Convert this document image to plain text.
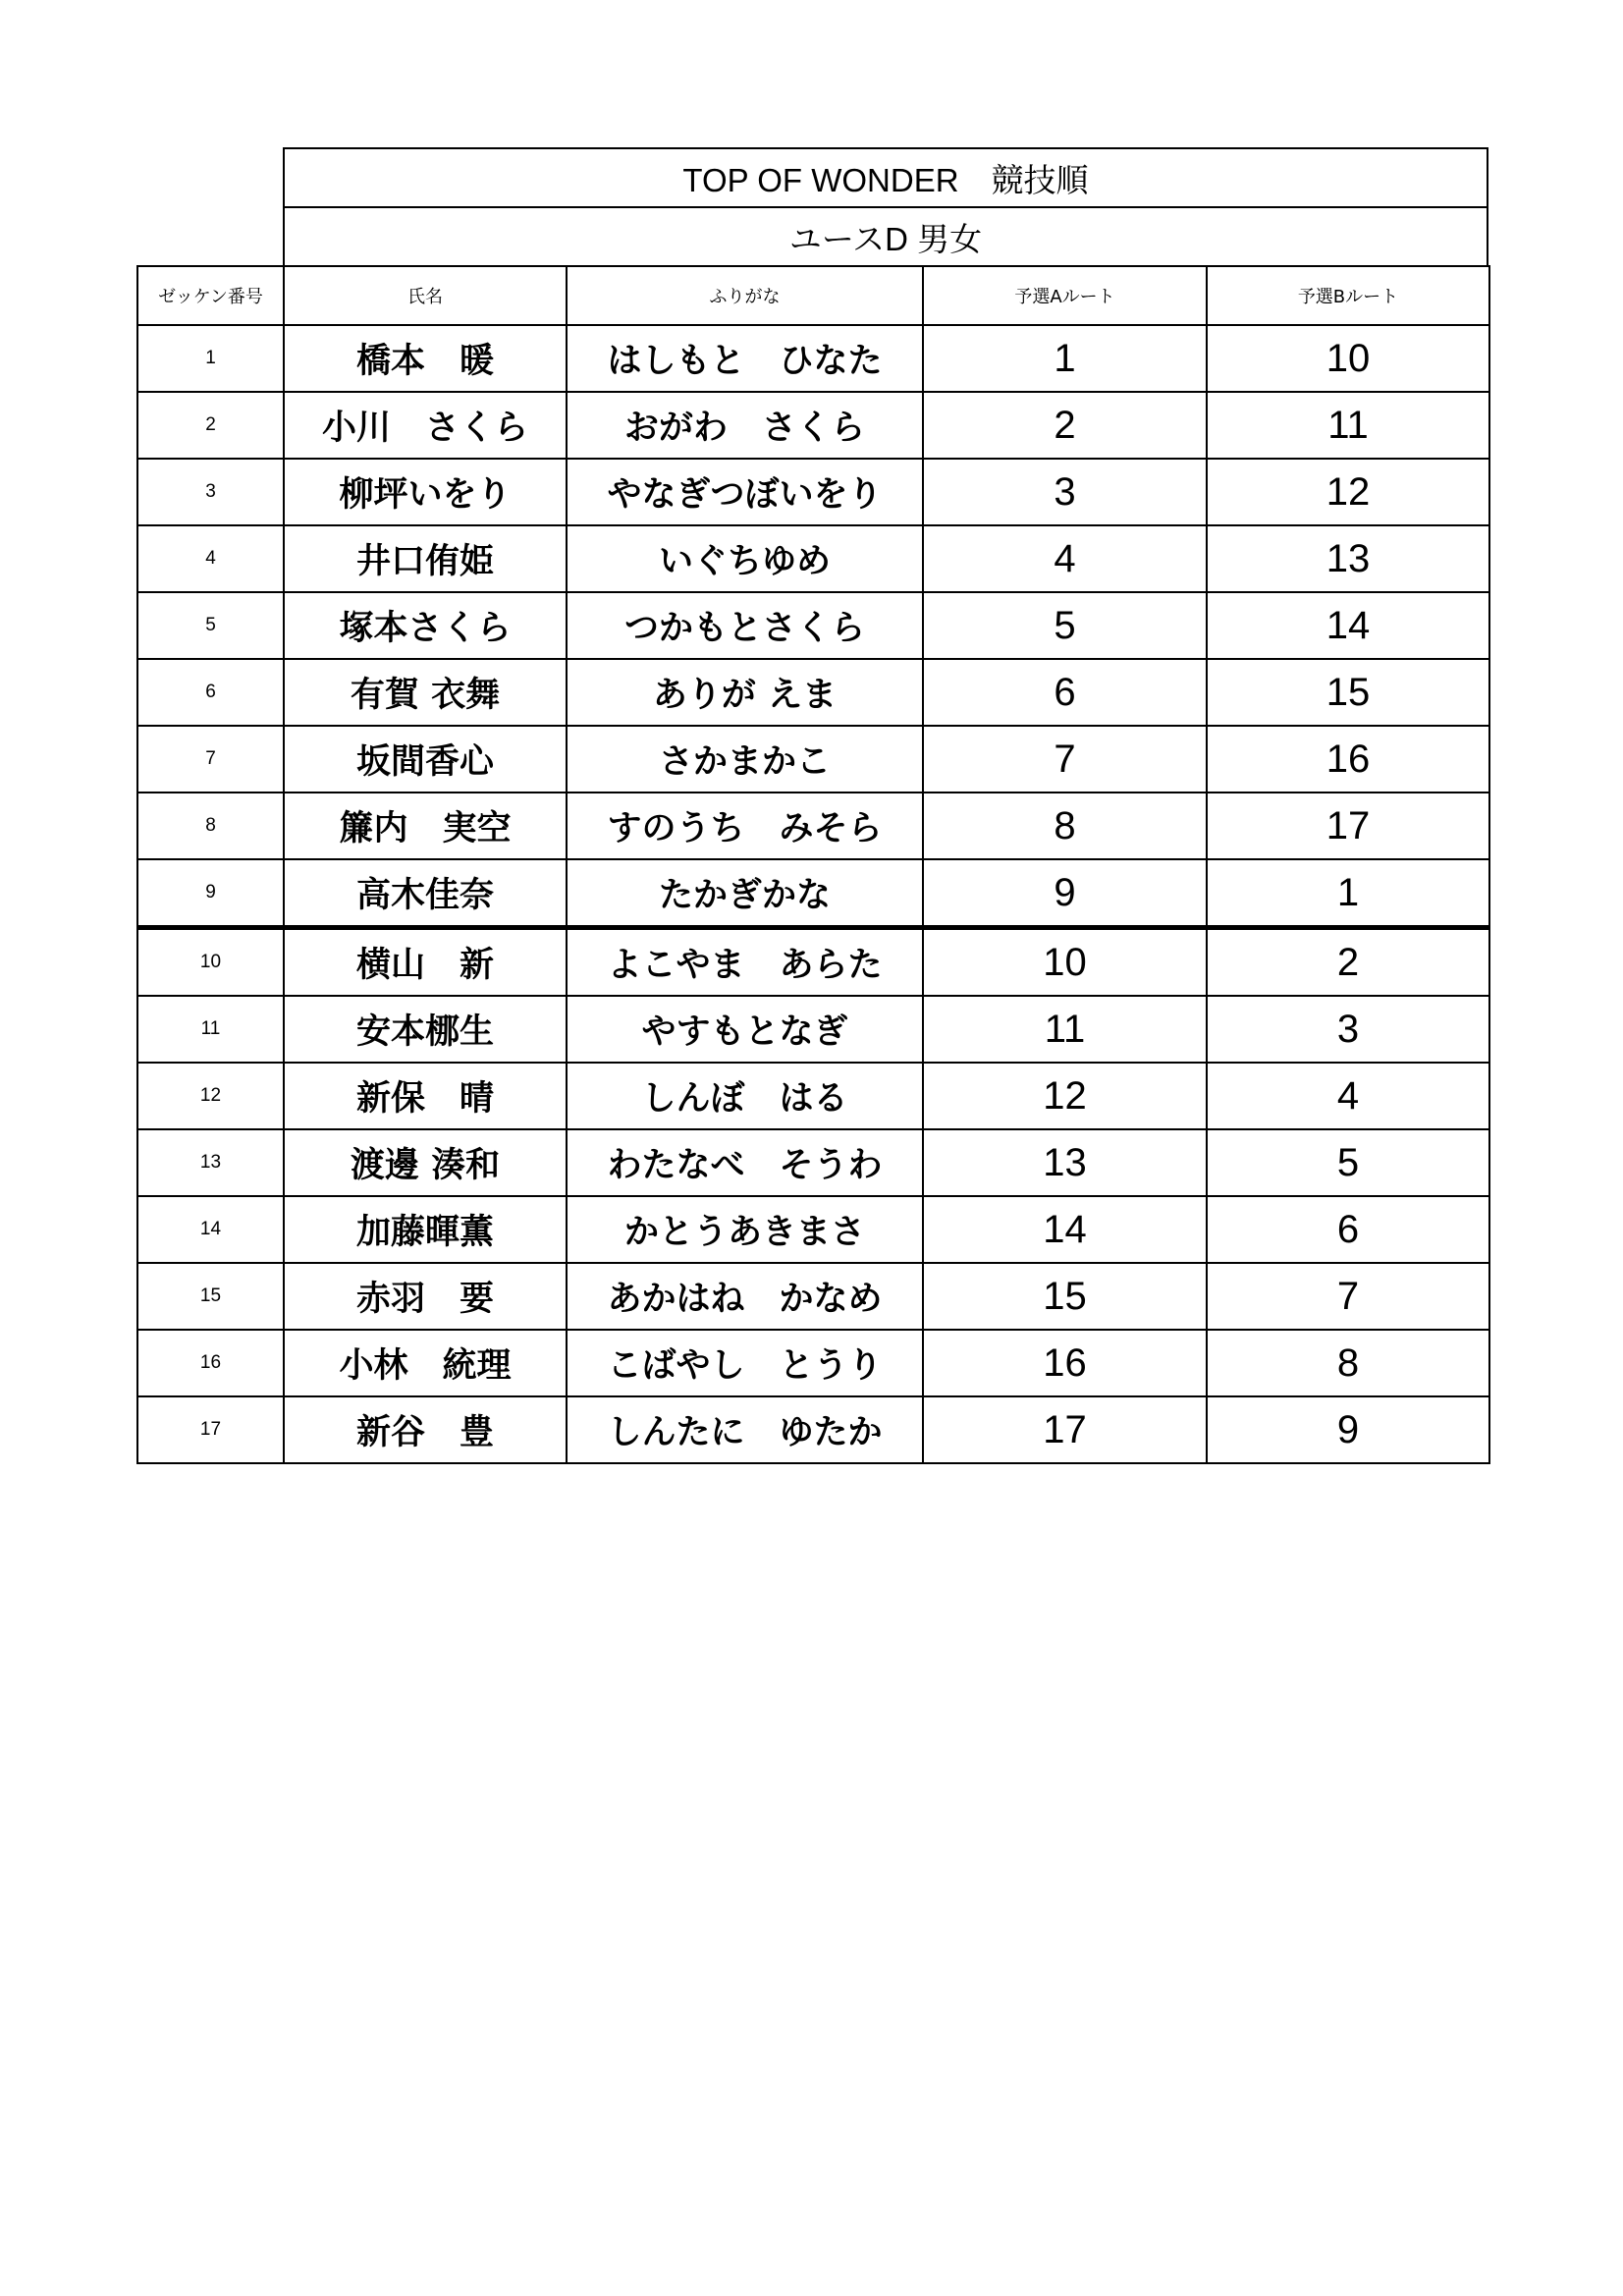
TOP OF WONDER　競技順
ユースD 男女
ゼッケン番号	氏名	ふりがな	予選Aルート	予選Bルート
1	橋本　暖	はしもと　ひなた	1	10
2	小川　さくら	おがわ　さくら	2	11
3	柳坪いをり	やなぎつぼいをり	3	12
4	井口侑姫	いぐちゆめ	4	13
5	塚本さくら	つかもとさくら	5	14
6	有賀 衣舞	ありが えま	6	15
7	坂間香心	さかまかこ	7	16
8	簾内　実空	すのうち　みそら	8	17
9	高木佳奈	たかぎかな	9	1
10	横山　新	よこやま　あらた	10	2
11	安本梛生	やすもとなぎ	11	3
12	新保　晴	しんぼ　はる	12	4
13	渡邊 湊和	わたなべ　そうわ	13	5
14	加藤暉薫	かとうあきまさ	14	6
15	赤羽　要	あかはね　かなめ	15	7
16	小林　統理	こばやし　とうり	16	8
17	新谷　豊	しんたに　ゆたか	17	9
